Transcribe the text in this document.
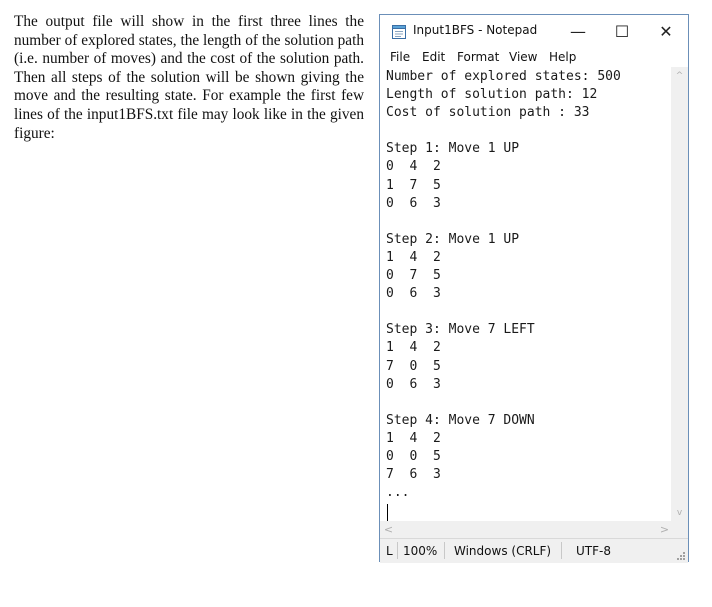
The output file will show in the first three lines the number of explored states, the length of the solution path (i.e. number of moves) and the cost of the solution path. Then all steps of the solution will be shown giving the move and the resulting state. For example the first few lines of the input1BFS.txt file may look like in the given figure:

Input1BFS - Notepad — ☐ ✕
File Edit Format View Help
Number of explored states: 500
Length of solution path: 12
Cost of solution path : 33

Step 1: Move 1 UP
0  4  2
1  7  5
0  6  3

Step 2: Move 1 UP
1  4  2
0  7  5
0  6  3

Step 3: Move 7 LEFT
1  4  2
7  0  5
0  6  3

Step 4: Move 7 DOWN
1  4  2
0  0  5
7  6  3
...
^
v
<	>
L 100% Windows (CRLF) UTF-8
